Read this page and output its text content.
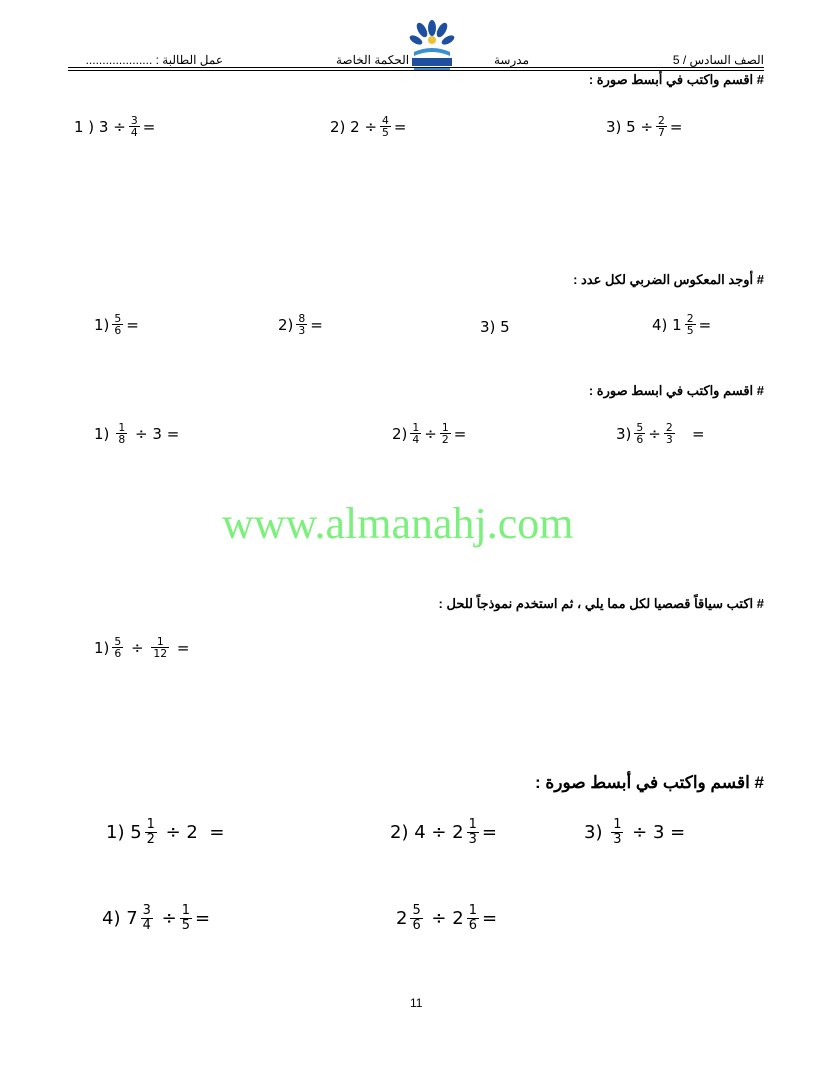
الصف السادس / 5
مدرسة
الحكمة الخاصة
عمل الطالبة : ....................
# اقسم واكتب في أبسط صورة :
1 ) $3 \div \frac{3}{4}$ =	2) $2 \div \frac{4}{5}$ =	3) $5 \div \frac{2}{7}$ =
# أوجد المعكوس الضربي لكل عدد :
$1) \frac{5}{6}$ =	$2) \frac{8}{3}$ =	3) 5	4) $1 \frac{2}{5}$ =
# اقسم واكتب في ابسط صورة :
$1) \frac{1}{8} \div 3$ =	$2) \frac{1}{4} \div \frac{1}{2}$ =	$3) \frac{5}{6} \div \frac{2}{3}$ =
www.almanahj.com
# اكتب سياقاً قصصيا لكل مما يلي ، ثم استخدم نموذجاً للحل :
$1) \frac{5}{6} \div \frac{1}{12}$ =
# اقسم واكتب في أبسط صورة :
1) $5 \frac{1}{2} \div 2$  =	2) $4 \div 2 \frac{1}{3}$ =	$3) \frac{1}{3} \div 3$ =
4) $7 \frac{3}{4} \div \frac{1}{5}$ =	$2 \frac{5}{6} \div 2 \frac{1}{6}$ =
11
